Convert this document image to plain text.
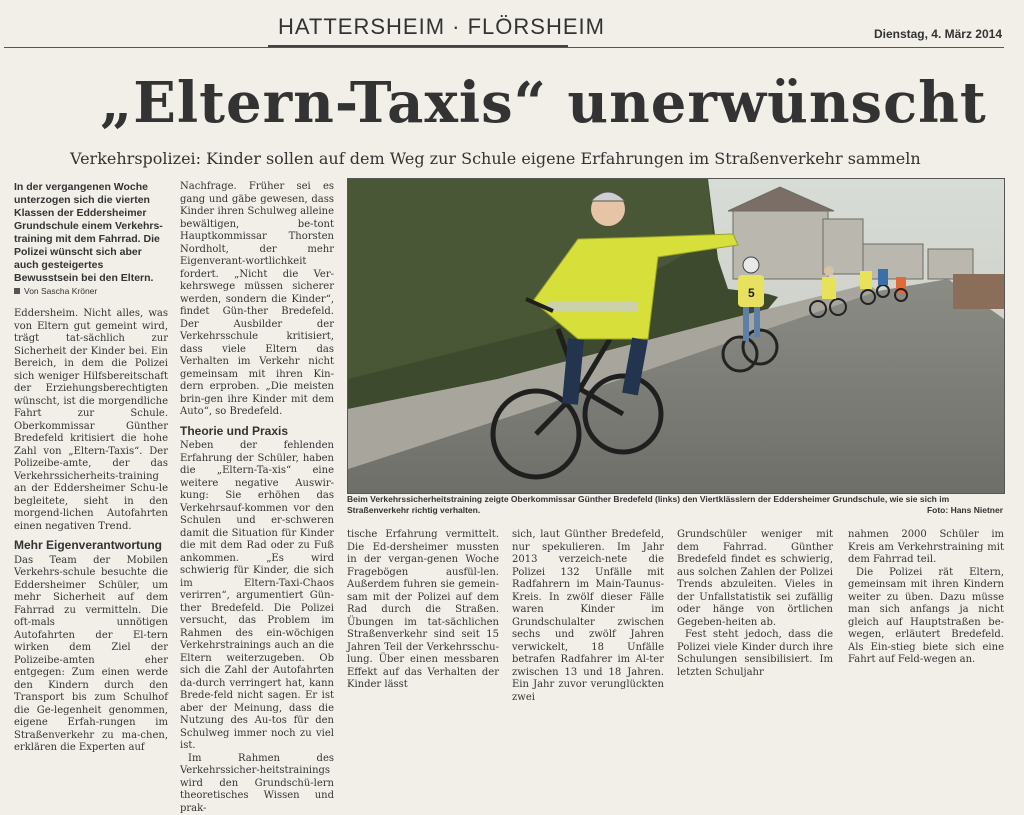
HATTERSHEIM · FLÖRSHEIM	Dienstag, 4. März 2014
„Eltern-Taxis“ unerwünscht
Verkehrspolizei: Kinder sollen auf dem Weg zur Schule eigene Erfahrungen im Straßenverkehr sammeln
In der vergangenen Woche unterzogen sich die vierten Klassen der Eddersheimer Grundschule einem Verkehrs-training mit dem Fahrrad. Die Polizei wünscht sich aber auch gesteigertes Bewusstsein bei den Eltern.
Von Sascha Kröner

Eddersheim. Nicht alles, was von Eltern gut gemeint wird, trägt tat-sächlich zur Sicherheit der Kinder bei. Ein Bereich, in dem die Polizei sich weniger Hilfsbereitschaft der Erziehungsberechtigten wünscht, ist die morgendliche Fahrt zur Schule. Oberkommissar Günther Bredefeld kritisiert die hohe Zahl von „Eltern-Taxis“. Der Polizeibe-amte, der das Verkehrssicherheits-training an der Eddersheimer Schu-le begleitete, sieht in den morgend-lichen Autofahrten einen negativen Trend.

Mehr Eigenverantwortung

Das Team der Mobilen Verkehrs-schule besuchte die Eddersheimer Schüler, um mehr Sicherheit auf dem Fahrrad zu vermitteln. Die oft-mals unnötigen Autofahrten der El-tern wirken dem Ziel der Polizeibe-amten eher entgegen: Zum einen werde den Kindern durch den Transport bis zum Schulhof die Ge-legenheit genommen, eigene Erfah-rungen im Straßenverkehr zu ma-chen, erklären die Experten auf

Nachfrage. Früher sei es gang und gäbe gewesen, dass Kinder ihren Schulweg alleine bewältigen, be-tont Hauptkommissar Thorsten Nordholt, der mehr Eigenverant-wortlichkeit fordert. „Nicht die Ver-kehrswege müssen sicherer werden, sondern die Kinder“, findet Gün-ther Bredefeld. Der Ausbilder der Verkehrsschule kritisiert, dass viele Eltern das Verhalten im Verkehr nicht gemeinsam mit ihren Kin-dern erproben. „Die meisten brin-gen ihre Kinder mit dem Auto“, so Bredefeld.

Theorie und Praxis

Neben der fehlenden Erfahrung der Schüler, haben die „Eltern-Ta-xis“ eine weitere negative Auswir-kung: Sie erhöhen das Verkehrsauf-kommen vor den Schulen und er-schweren damit die Situation für Kinder die mit dem Rad oder zu Fuß ankommen. „Es wird schwierig für Kinder, die sich im Eltern-Taxi-Chaos verirren“, argumentiert Gün-ther Bredefeld. Die Polizei versucht, das Problem im Rahmen des ein-wöchigen Verkehrstrainings auch an die Eltern weiterzugeben. Ob sich die Zahl der Autofahrten da-durch verringert hat, kann Brede-feld nicht sagen. Er ist aber der Meinung, dass die Nutzung des Au-tos für den Schulweg immer noch zu viel ist.

Im Rahmen des Verkehrssicher-heitstrainings wird den Grundschü-lern theoretisches Wissen und prak-

5
Beim Verkehrssicherheitstraining zeigte Oberkommissar Günther Bredefeld (links) den Viertklässlern der Eddersheimer Grundschule, wie sie sich im Straßenverkehr richtig verhalten.	Foto: Hans Nietner
tische Erfahrung vermittelt. Die Ed-dersheimer mussten in der vergan-genen Woche Fragebögen ausfül-len. Außerdem fuhren sie gemein-sam mit der Polizei auf dem Rad durch die Straßen. Übungen im tat-sächlichen Straßenverkehr sind seit 15 Jahren Teil der Verkehrsschu-lung. Über einen messbaren Effekt auf das Verhalten der Kinder lässt
sich, laut Günther Bredefeld, nur spekulieren. Im Jahr 2013 verzeich-nete die Polizei 132 Unfälle mit Radfahrern im Main-Taunus-Kreis. In zwölf dieser Fälle waren Kinder im Grundschulalter zwischen sechs und zwölf Jahren verwickelt, 18 Unfälle betrafen Radfahrer im Al-ter zwischen 13 und 18 Jahren. Ein Jahr zuvor verunglückten zwei

Grundschüler weniger mit dem Fahrrad. Günther Bredefeld findet es schwierig, aus solchen Zahlen der Polizei Trends abzuleiten. Vieles in der Unfallstatistik sei zufällig oder hänge von örtlichen Gegeben-heiten ab.

Fest steht jedoch, dass die Polizei viele Kinder durch ihre Schulungen sensibilisiert. Im letzten Schuljahr

nahmen 2000 Schüler im Kreis am Verkehrstraining mit dem Fahrrad teil.

Die Polizei rät Eltern, gemeinsam mit ihren Kindern weiter zu üben. Dazu müsse man sich anfangs ja nicht gleich auf Hauptstraßen be-wegen, erläutert Bredefeld. Als Ein-stieg biete sich eine Fahrt auf Feld-wegen an.
